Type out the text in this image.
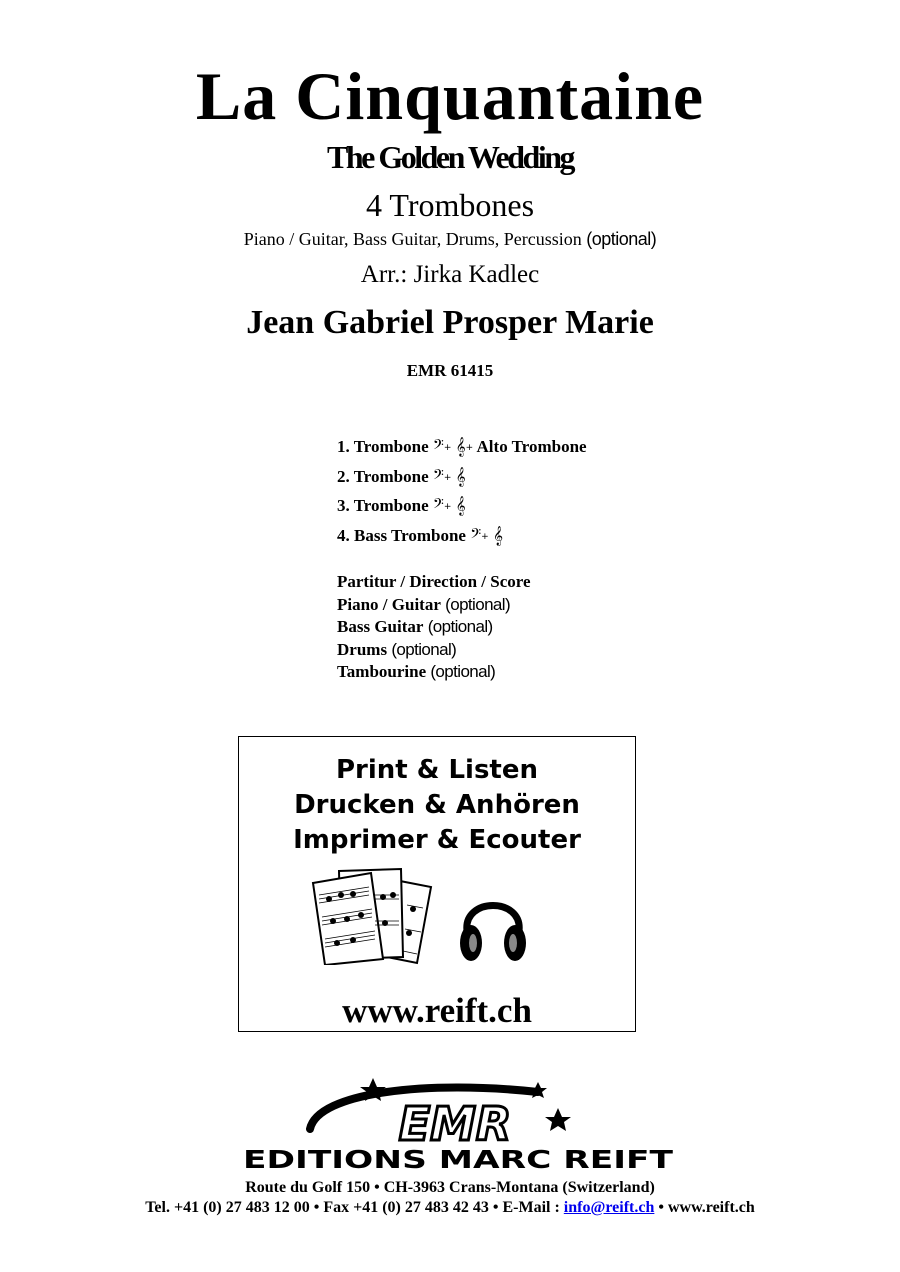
La Cinquantaine
The Golden Wedding
4 Trombones
Piano / Guitar, Bass Guitar, Drums, Percussion (optional)
Arr.: Jirka Kadlec
Jean Gabriel Prosper Marie
EMR 61415
1. Trombone 𝄢+ 𝄞+ Alto Trombone
2. Trombone 𝄢+ 𝄞
3. Trombone 𝄢+ 𝄞
4. Bass Trombone 𝄢+ 𝄞
Partitur / Direction / Score
Piano / Guitar (optional)
Bass Guitar (optional)
Drums (optional)
Tambourine (optional)
Print & Listen
Drucken & Anhören
Imprimer & Ecouter
www.reift.ch
EMR
EDITIONS MARC REIFT
Route du Golf 150 • CH-3963 Crans-Montana (Switzerland)
Tel. +41 (0) 27 483 12 00 • Fax +41 (0) 27 483 42 43 • E-Mail : info@reift.ch • www.reift.ch
